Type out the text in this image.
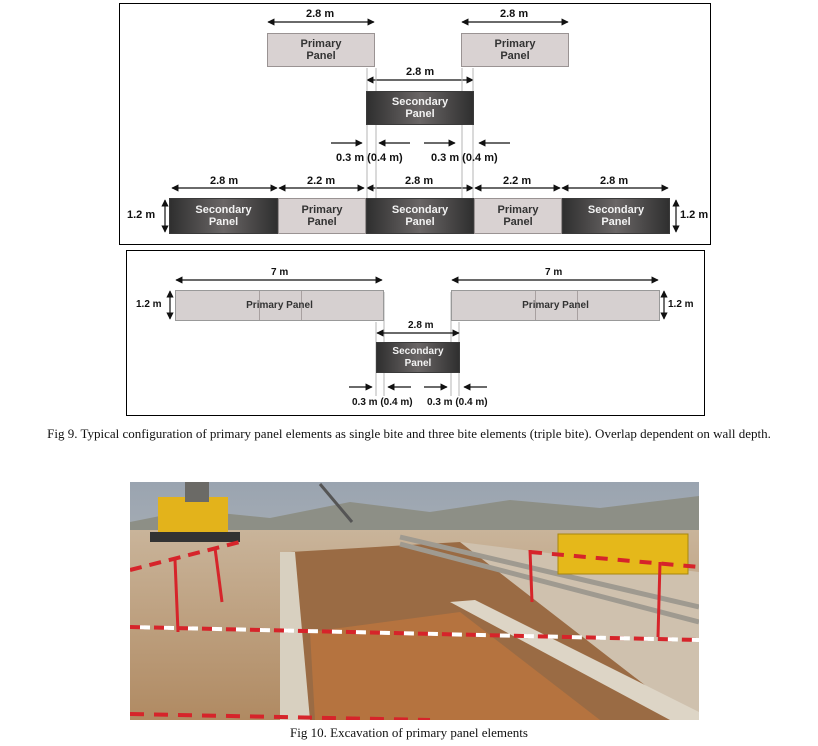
2.8 m	2.8 m
2.8 m
0.3 m (0.4 m)	0.3 m (0.4 m)
2.8 m	2.2 m	2.8 m	2.2 m	2.8 m
1.2 m	1.2 m
Primary
Panel
Primary
Panel
Secondary
Panel
Secondary
Panel
Primary
Panel
Secondary
Panel
Primary
Panel
Secondary
Panel
7 m	7 m
2.8 m
1.2 m	1.2 m
0.3 m (0.4 m) 0.3 m (0.4 m)
Primary Panel	Primary Panel
Secondary
Panel
Fig 9. Typical configuration of primary panel elements as single bite and three bite elements (triple bite). Overlap dependent on wall depth.
Fig 10. Excavation of primary panel elements
